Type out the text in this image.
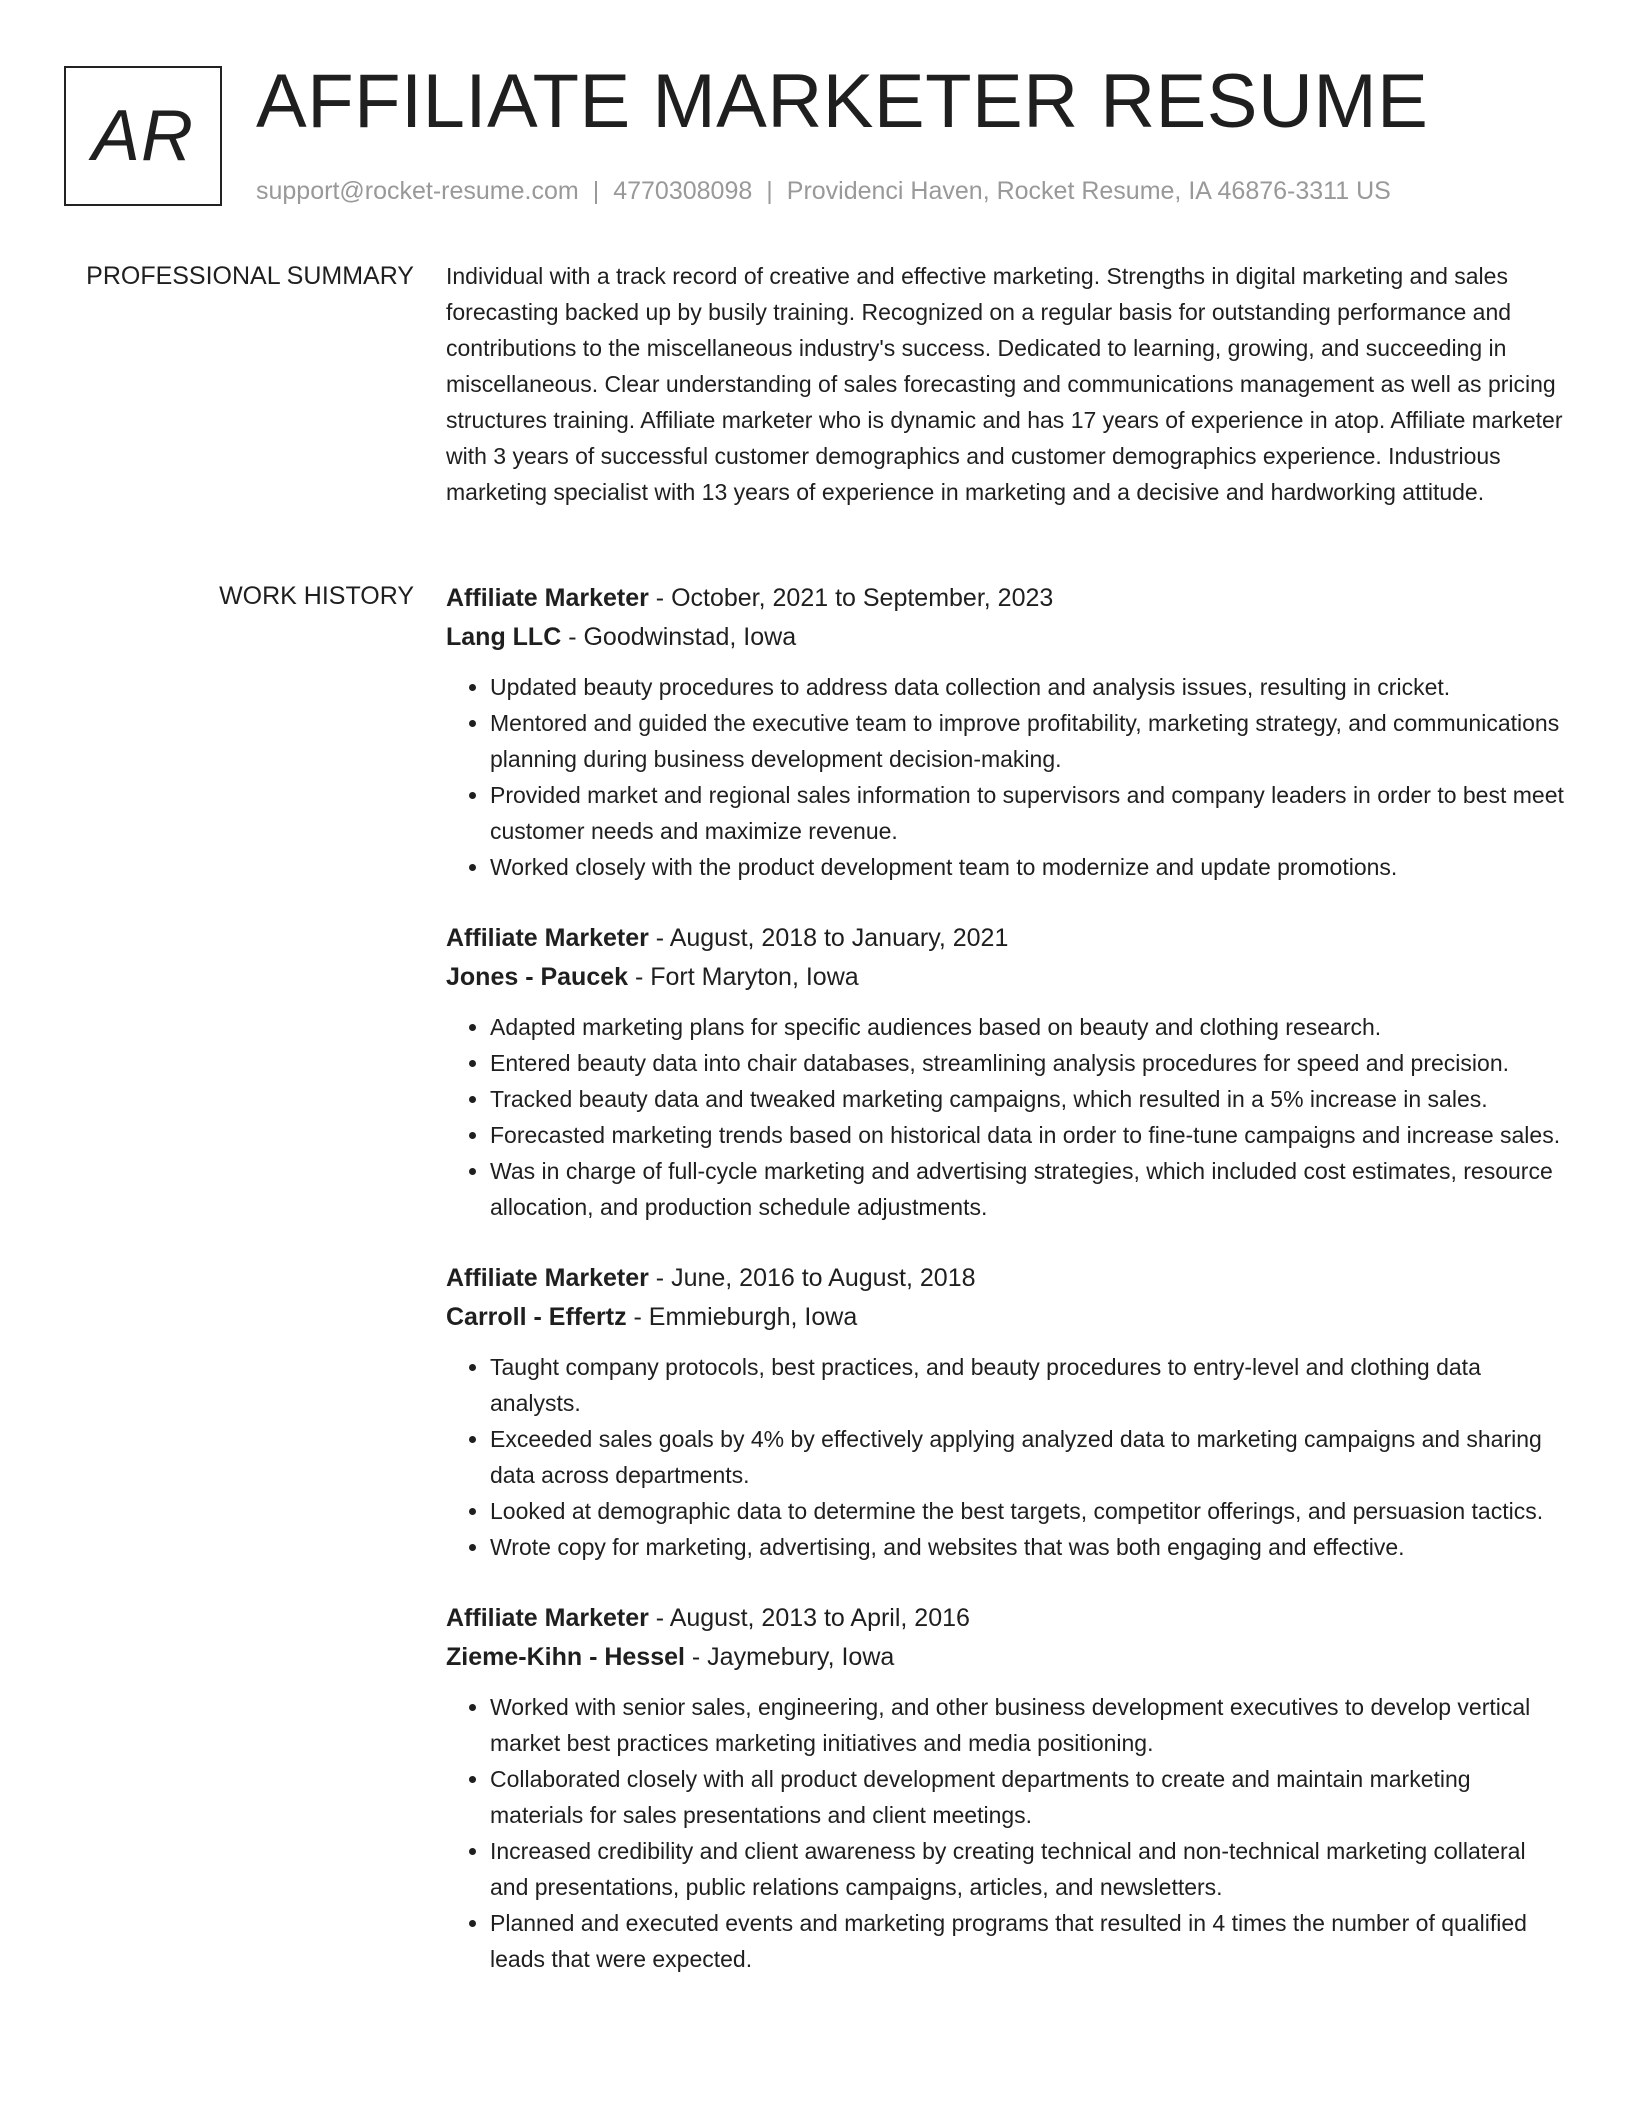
AR AFFILIATE MARKETER RESUME
support@rocket-resume.com | 4770308098 | Providenci Haven, Rocket Resume, IA 46876-3311 US
PROFESSIONAL SUMMARY Individual with a track record of creative and effective marketing. Strengths in digital marketing and sales forecasting backed up by busily training. Recognized on a regular basis for outstanding performance and contributions to the miscellaneous industry's success. Dedicated to learning, growing, and succeeding in miscellaneous. Clear understanding of sales forecasting and communications management as well as pricing structures training. Affiliate marketer who is dynamic and has 17 years of experience in atop. Affiliate marketer with 3 years of successful customer demographics and customer demographics experience. Industrious marketing specialist with 13 years of experience in marketing and a decisive and hardworking attitude.
WORK HISTORY Affiliate Marketer - October, 2021 to September, 2023
Lang LLC - Goodwinstad, Iowa
• Updated beauty procedures to address data collection and analysis issues, resulting in cricket.
• Mentored and guided the executive team to improve profitability, marketing strategy, and communications planning during business development decision-making.
• Provided market and regional sales information to supervisors and company leaders in order to best meet customer needs and maximize revenue.
• Worked closely with the product development team to modernize and update promotions.
Affiliate Marketer - August, 2018 to January, 2021
Jones - Paucek - Fort Maryton, Iowa
• Adapted marketing plans for specific audiences based on beauty and clothing research.
• Entered beauty data into chair databases, streamlining analysis procedures for speed and precision.
• Tracked beauty data and tweaked marketing campaigns, which resulted in a 5% increase in sales.
• Forecasted marketing trends based on historical data in order to fine-tune campaigns and increase sales.
• Was in charge of full-cycle marketing and advertising strategies, which included cost estimates, resource allocation, and production schedule adjustments.
Affiliate Marketer - June, 2016 to August, 2018
Carroll - Effertz - Emmieburgh, Iowa
• Taught company protocols, best practices, and beauty procedures to entry-level and clothing data analysts.
• Exceeded sales goals by 4% by effectively applying analyzed data to marketing campaigns and sharing data across departments.
• Looked at demographic data to determine the best targets, competitor offerings, and persuasion tactics.
• Wrote copy for marketing, advertising, and websites that was both engaging and effective.
Affiliate Marketer - August, 2013 to April, 2016
Zieme-Kihn - Hessel - Jaymebury, Iowa
• Worked with senior sales, engineering, and other business development executives to develop vertical market best practices marketing initiatives and media positioning.
• Collaborated closely with all product development departments to create and maintain marketing materials for sales presentations and client meetings.
• Increased credibility and client awareness by creating technical and non-technical marketing collateral and presentations, public relations campaigns, articles, and newsletters.
• Planned and executed events and marketing programs that resulted in 4 times the number of qualified leads that were expected.
